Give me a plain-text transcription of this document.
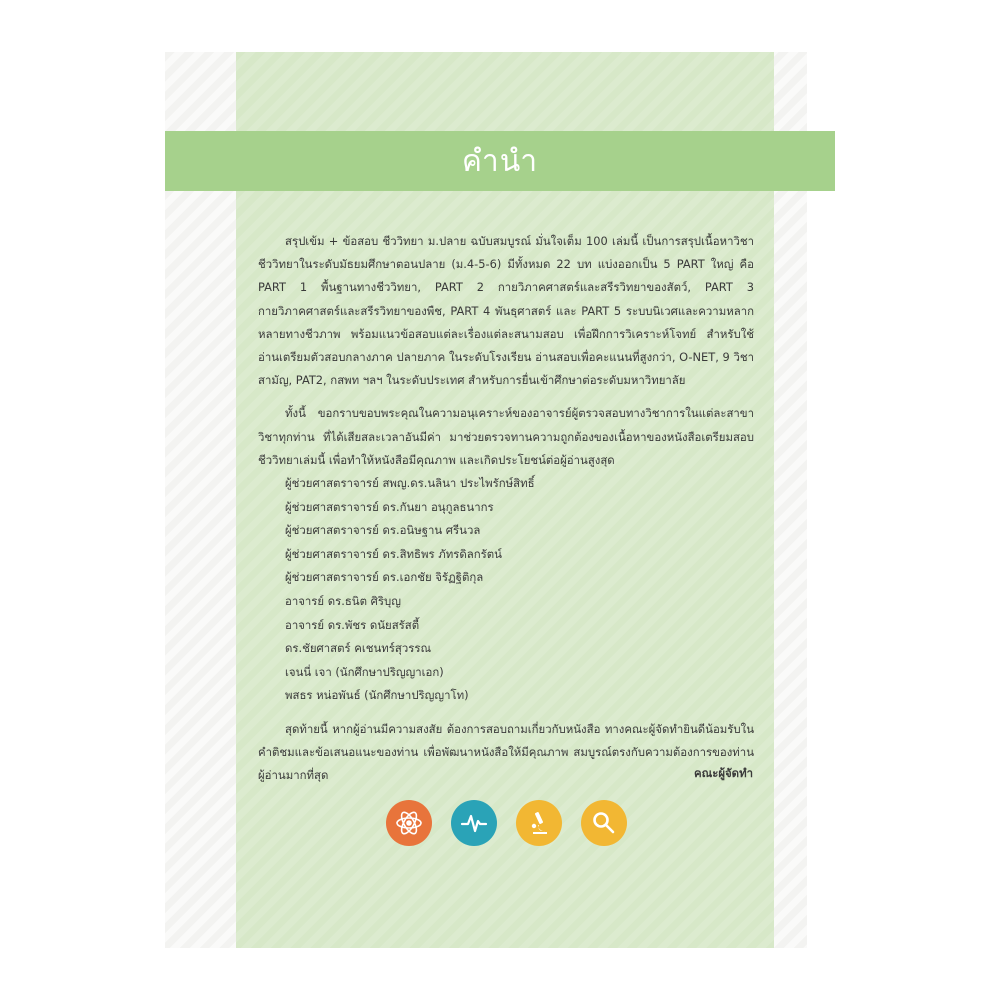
คำนำ

สรุปเข้ม + ข้อสอบ ชีววิทยา ม.ปลาย ฉบับสมบูรณ์ มั่นใจเต็ม 100 เล่มนี้ เป็นการสรุปเนื้อหาวิชาชีววิทยาในระดับมัธยมศึกษาตอนปลาย (ม.4-5-6) มีทั้งหมด 22 บท แบ่งออกเป็น 5 PART ใหญ่ คือ PART 1 พื้นฐานทางชีววิทยา, PART 2 กายวิภาคศาสตร์และสรีรวิทยาของสัตว์, PART 3 กายวิภาคศาสตร์และสรีรวิทยาของพืช, PART 4 พันธุศาสตร์ และ PART 5 ระบบนิเวศและความหลากหลายทางชีวภาพ พร้อมแนวข้อสอบแต่ละเรื่องแต่ละสนามสอบ เพื่อฝึกการวิเคราะห์โจทย์ สำหรับใช้อ่านเตรียมตัวสอบกลางภาค ปลายภาค ในระดับโรงเรียน อ่านสอบเพื่อคะแนนที่สูงกว่า, O-NET, 9 วิชาสามัญ, PAT2, กสพท ฯลฯ ในระดับประเทศ สำหรับการยื่นเข้าศึกษาต่อระดับมหาวิทยาลัย

ทั้งนี้ ขอกราบขอบพระคุณในความอนุเคราะห์ของอาจารย์ผู้ตรวจสอบทางวิชาการในแต่ละสาขาวิชาทุกท่าน ที่ได้เสียสละเวลาอันมีค่า มาช่วยตรวจทานความถูกต้องของเนื้อหาของหนังสือเตรียมสอบชีววิทยาเล่มนี้ เพื่อทำให้หนังสือมีคุณภาพ และเกิดประโยชน์ต่อผู้อ่านสูงสุด

ผู้ช่วยศาสตราจารย์ สพญ.ดร.นลินา ประไพรักษ์สิทธิ์
ผู้ช่วยศาสตราจารย์ ดร.กันยา อนุกูลธนากร
ผู้ช่วยศาสตราจารย์ ดร.อนิษฐาน ศรีนวล
ผู้ช่วยศาสตราจารย์ ดร.สิทธิพร ภัทรดิลกรัตน์
ผู้ช่วยศาสตราจารย์ ดร.เอกชัย จิรัฏฐิติกุล
อาจารย์ ดร.ธนิต ศิริบุญ
อาจารย์ ดร.พัชร ดนัยสรัสตี้
ดร.ชัยศาสตร์ คเชนทร์สุวรรณ
เจนนี่ เจา (นักศึกษาปริญญาเอก)
พสธร หน่อพันธ์ (นักศึกษาปริญญาโท)

สุดท้ายนี้ หากผู้อ่านมีความสงสัย ต้องการสอบถามเกี่ยวกับหนังสือ ทางคณะผู้จัดทำยินดีน้อมรับในคำติชมและข้อเสนอแนะของท่าน เพื่อพัฒนาหนังสือให้มีคุณภาพ สมบูรณ์ตรงกับความต้องการของท่านผู้อ่านมากที่สุด	คณะผู้จัดทำ
